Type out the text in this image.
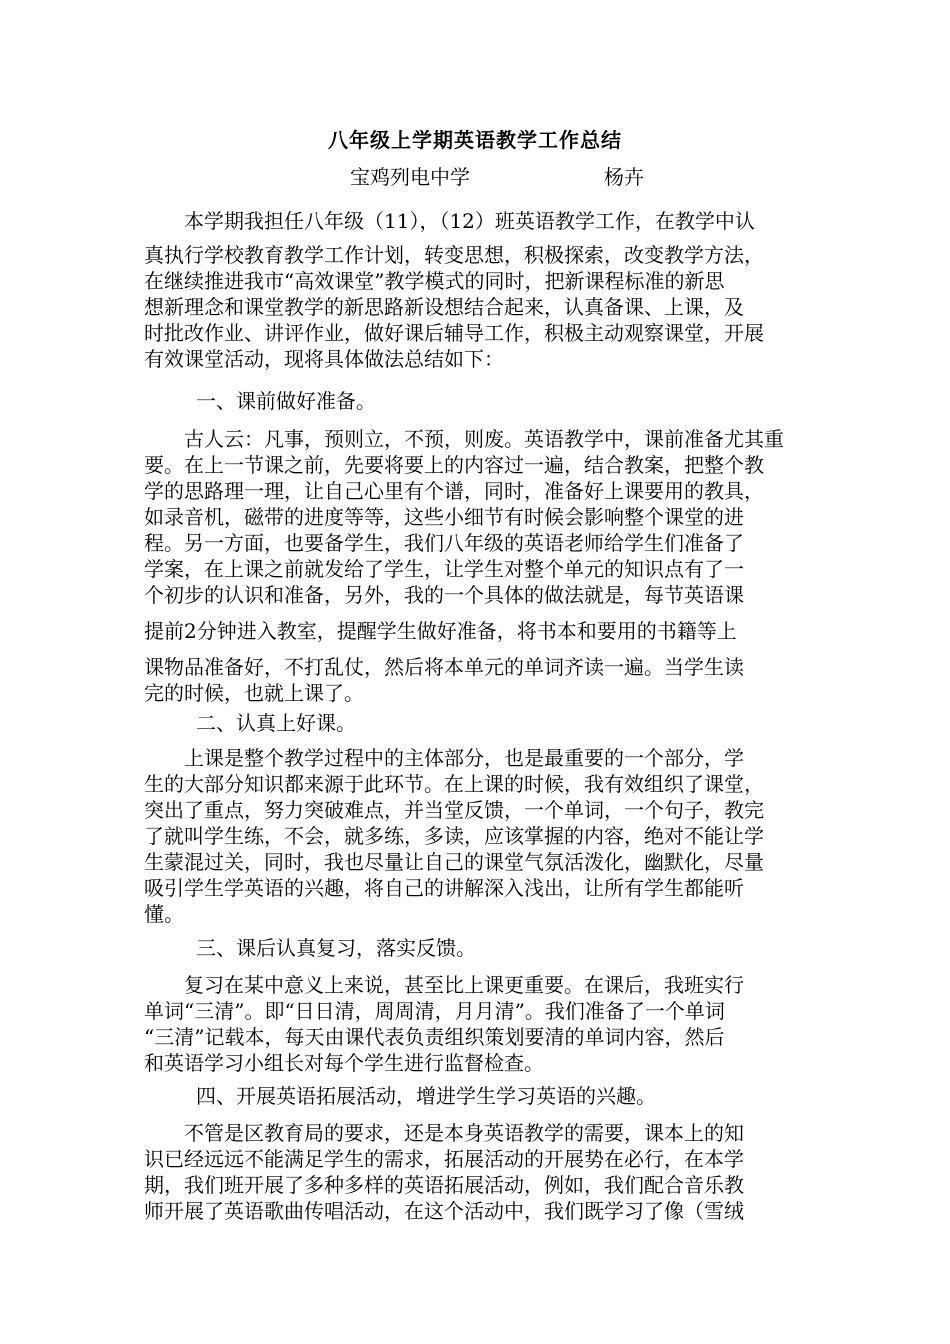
八年级上学期英语教学工作总结
宝鸡列电中学	杨卉
　　本学期我担任八年级（11），（12）班英语教学工作，在教学中认
真执行学校教育教学工作计划，转变思想，积极探索，改变教学方法，
在继续推进我市“高效课堂”教学模式的同时，把新课程标准的新思
想新理念和课堂教学的新思路新设想结合起来，认真备课、上课，及
时批改作业、讲评作业，做好课后辅导工作，积极主动观察课堂，开展
有效课堂活动，现将具体做法总结如下：
一、课前做好准备。
　　古人云：凡事，预则立，不预，则废。英语教学中，课前准备尤其重
要。在上一节课之前，先要将要上的内容过一遍，结合教案，把整个教
学的思路理一理，让自己心里有个谱，同时，准备好上课要用的教具，
如录音机，磁带的进度等等，这些小细节有时候会影响整个课堂的进
程。另一方面，也要备学生，我们八年级的英语老师给学生们准备了
学案，在上课之前就发给了学生，让学生对整个单元的知识点有了一
个初步的认识和准备，另外，我的一个具体的做法就是，每节英语课
提前2分钟进入教室，提醒学生做好准备，将书本和要用的书籍等上
课物品准备好，不打乱仗，然后将本单元的单词齐读一遍。当学生读
完的时候，也就上课了。
二、认真上好课。
　　上课是整个教学过程中的主体部分，也是最重要的一个部分，学
生的大部分知识都来源于此环节。在上课的时候，我有效组织了课堂，
突出了重点，努力突破难点，并当堂反馈，一个单词，一个句子，教完
了就叫学生练，不会，就多练，多读，应该掌握的内容，绝对不能让学
生蒙混过关，同时，我也尽量让自己的课堂气氛活泼化，幽默化，尽量
吸引学生学英语的兴趣，将自己的讲解深入浅出，让所有学生都能听
懂。
三、课后认真复习，落实反馈。
　　复习在某中意义上来说，甚至比上课更重要。在课后，我班实行
单词“三清”。即“日日清，周周清，月月清”。我们准备了一个单词
“三清”记载本，每天由课代表负责组织策划要清的单词内容，然后
和英语学习小组长对每个学生进行监督检查。
四、开展英语拓展活动，增进学生学习英语的兴趣。
　　不管是区教育局的要求，还是本身英语教学的需要，课本上的知
识已经远远不能满足学生的需求，拓展活动的开展势在必行，在本学
期，我们班开展了多种多样的英语拓展活动，例如，我们配合音乐教
师开展了英语歌曲传唱活动，在这个活动中，我们既学习了像（雪绒
